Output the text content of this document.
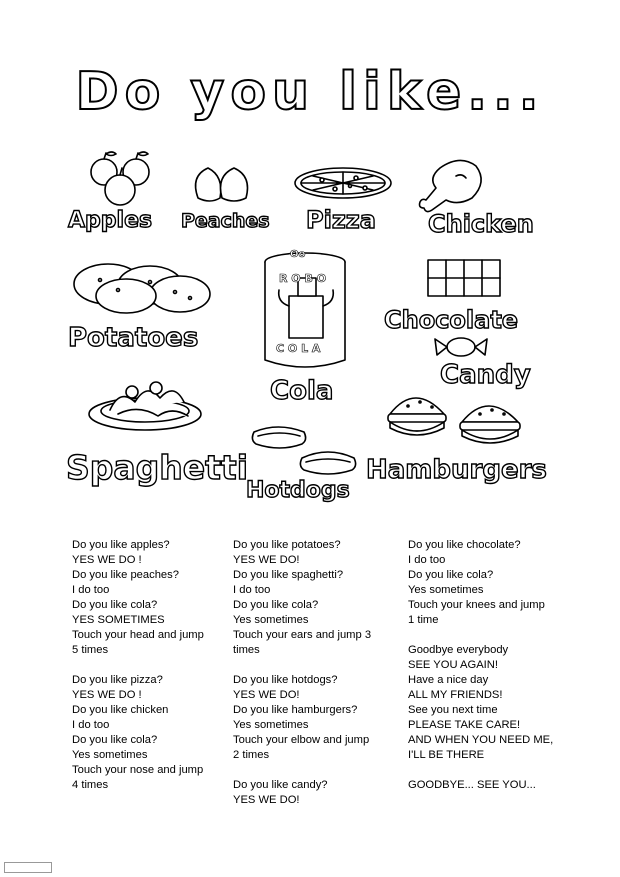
Do you like...
Apples Peaches Pizza Chicken
Potatoes
Chocolate
Candy
Cola
Spaghetti
Hotdogs
Hamburgers
Oo
R O B O
C O L A
Do you like apples?
YES WE DO !
Do you like peaches?
I do too
Do you like cola?
YES SOMETIMES
Touch your head and jump
5 times
Do you like pizza?
YES WE DO !
Do you like chicken
I do too
Do you like cola?
Yes sometimes
Touch your nose and jump
4 times
Do you like potatoes?
YES WE DO!
Do you like spaghetti?
I do too
Do you like cola?
Yes sometimes
Touch your ears and jump 3
times
Do you like hotdogs?
YES WE DO!
Do you like hamburgers?
Yes sometimes
Touch your elbow and jump
2 times
Do you like candy?
YES WE DO!
Do you like chocolate?
I do too
Do you like cola?
Yes sometimes
Touch your knees and jump
1 time
Goodbye everybody
SEE YOU AGAIN!
Have a nice day
ALL MY FRIENDS!
See you next time
PLEASE TAKE CARE!
AND WHEN YOU NEED ME,
I'LL BE THERE
GOODBYE... SEE YOU...
